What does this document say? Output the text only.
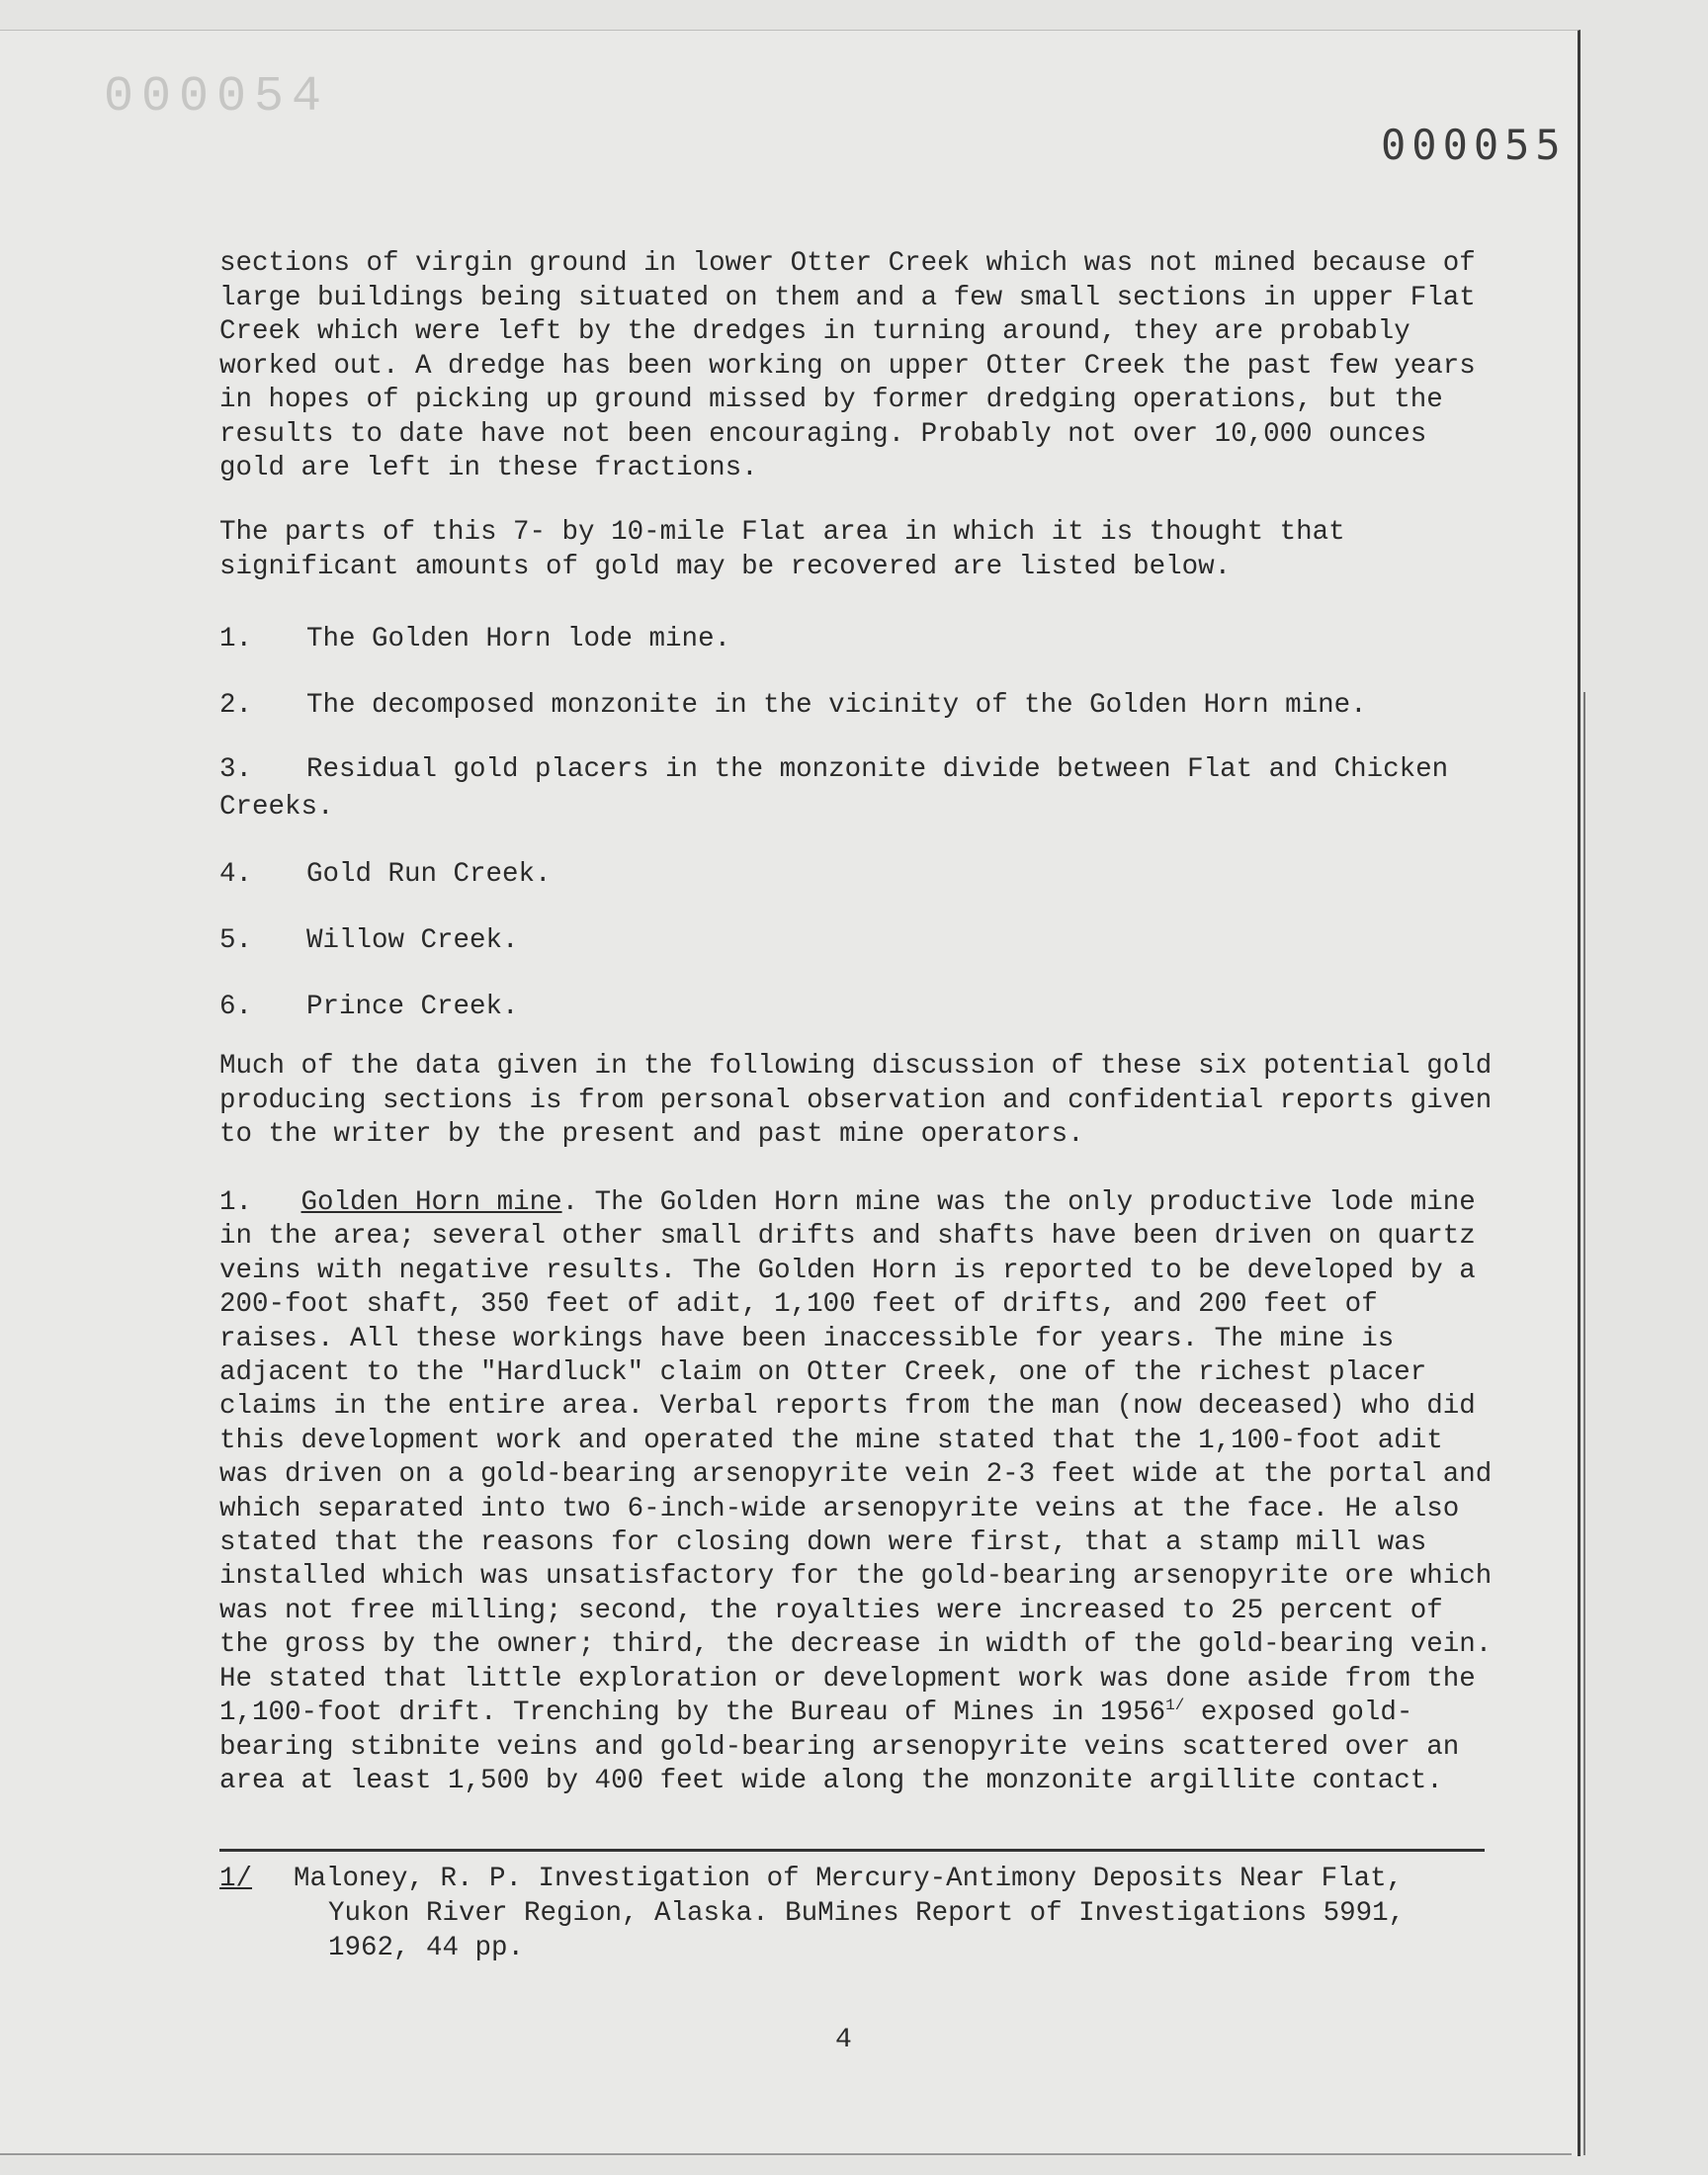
000054
000055
sections of virgin ground in lower Otter Creek which was not mined because of large buildings being situated on them and a few small sections in upper Flat Creek which were left by the dredges in turning around, they are probably worked out. A dredge has been working on upper Otter Creek the past few years in hopes of picking up ground missed by former dredging operations, but the results to date have not been encouraging. Probably not over 10,000 ounces gold are left in these fractions.
The parts of this 7- by 10-mile Flat area in which it is thought that significant amounts of gold may be recovered are listed below.
1. The Golden Horn lode mine.
2. The decomposed monzonite in the vicinity of the Golden Horn mine.
3. Residual gold placers in the monzonite divide between Flat and Chicken
Creeks.
4. Gold Run Creek.
5. Willow Creek.
6. Prince Creek.
Much of the data given in the following discussion of these six potential gold producing sections is from personal observation and confidential reports given to the writer by the present and past mine operators.
1. Golden Horn mine. The Golden Horn mine was the only productive lode mine in the area; several other small drifts and shafts have been driven on quartz veins with negative results. The Golden Horn is reported to be developed by a 200-foot shaft, 350 feet of adit, 1,100 feet of drifts, and 200 feet of raises. All these workings have been inaccessible for years. The mine is adjacent to the "Hardluck" claim on Otter Creek, one of the richest placer claims in the entire area. Verbal reports from the man (now deceased) who did this development work and operated the mine stated that the 1,100-foot adit was driven on a gold-bearing arsenopyrite vein 2-3 feet wide at the portal and which separated into two 6-inch-wide arsenopyrite veins at the face. He also stated that the reasons for closing down were first, that a stamp mill was installed which was unsatisfactory for the gold-bearing arsenopyrite ore which was not free milling; second, the royalties were increased to 25 percent of the gross by the owner; third, the decrease in width of the gold-bearing vein. He stated that little exploration or development work was done aside from the 1,100-foot drift. Trenching by the Bureau of Mines in $1956^{1/}$ exposed gold-bearing stibnite veins and gold-bearing arsenopyrite veins scattered over an area at least 1,500 by 400 feet wide along the monzonite argillite contact.
1/ Maloney, R. P. Investigation of Mercury-Antimony Deposits Near Flat,
Yukon River Region, Alaska. BuMines Report of Investigations 5991,
1962, 44 pp.
4
